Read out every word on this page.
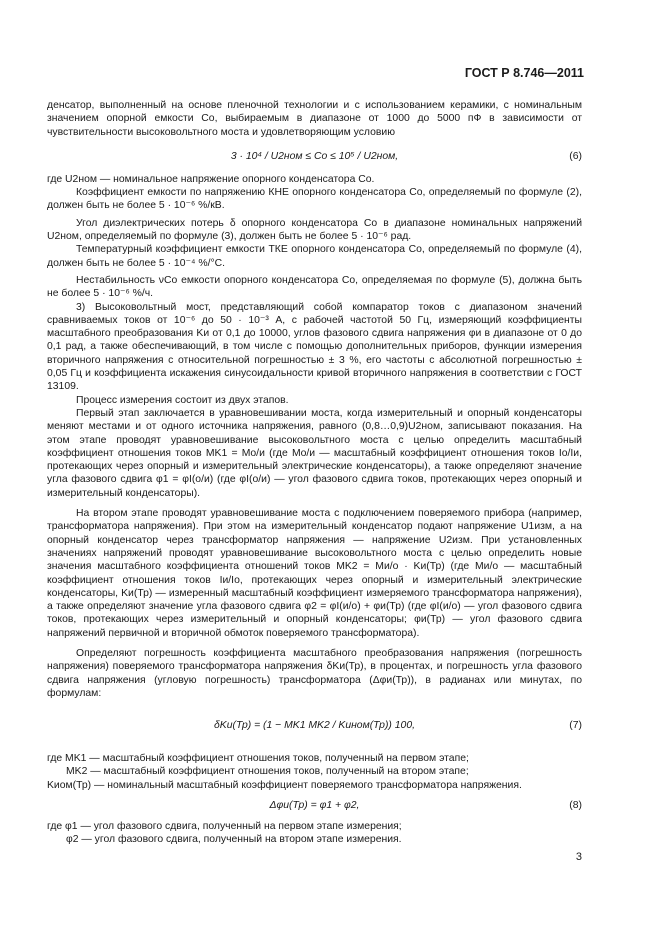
ГОСТ Р 8.746—2011

денсатор, выполненный на основе пленочной технологии и с использованием керамики, с номинальным значением опорной емкости Cо, выбираемым в диапазоне от 1000 до 5000 пФ в зависимости от чувствительности высоковольтного моста и удовлетворяющим условию

3 · 10⁴ / U2ном ≤ Cо ≤ 10⁵ / U2ном,	(6)

где U2ном — номинальное напряжение опорного конденсатора Cо.

Коэффициент емкости по напряжению КНЕ опорного конденсатора Cо, определяемый по формуле (2), должен быть не более 5 · 10⁻⁶ %/кВ.

Угол диэлектрических потерь δ опорного конденсатора Cо в диапазоне номинальных напряжений U2ном, определяемый по формуле (3), должен быть не более 5 · 10⁻⁶ рад.

Температурный коэффициент емкости ТКЕ опорного конденсатора Cо, определяемый по формуле (4), должен быть не более 5 · 10⁻⁴ %/°С.

Нестабильность νCо емкости опорного конденсатора Cо, определяемая по формуле (5), должна быть не более 5 · 10⁻⁶ %/ч.

3) Высоковольтный мост, представляющий собой компаратор токов с диапазоном значений сравниваемых токов от 10⁻⁶ до 50 · 10⁻³ А, с рабочей частотой 50 Гц, измеряющий коэффициенты масштабного преобразования Kи от 0,1 до 10000, углов фазового сдвига напряжения φи в диапазоне от 0 до 0,1 рад, а также обеспечивающий, в том числе с помощью дополнительных приборов, функции измерения вторичного напряжения с относительной погрешностью ± 3 %, его частоты с абсолютной погрешностью ± 0,05 Гц и коэффициента искажения синусоидальности кривой вторичного напряжения в соответствии с ГОСТ 13109.

Процесс измерения состоит из двух этапов.

Первый этап заключается в уравновешивании моста, когда измерительный и опорный конденсаторы меняют местами и от одного источника напряжения, равного (0,8…0,9)U2ном, записывают показания. На этом этапе проводят уравновешивание высоковольтного моста с целью определить масштабный коэффициент отношения токов MK1 = Mо/и (где Mо/и — масштабный коэффициент отношения токов Iо/Iи, протекающих через опорный и измерительный электрические конденсаторы), а также определяют значение угла фазового сдвига φ1 = φI(о/и) (где φI(о/и) — угол фазового сдвига токов, протекающих через опорный и измерительный конденсаторы).

На втором этапе проводят уравновешивание моста с подключением поверяемого прибора (например, трансформатора напряжения). При этом на измерительный конденсатор подают напряжение U1изм, а на опорный конденсатор через трансформатор напряжения — напряжение U2изм. При установленных значениях напряжений проводят уравновешивание высоковольтного моста с целью определить новые значения масштабного коэффициента отношений токов MK2 = Mи/о · Kи(Тр) (где Mи/о — масштабный коэффициент отношения токов Iи/Iо, протекающих через опорный и измерительный электрические конденсаторы, Kи(Тр) — измеренный масштабный коэффициент измеряемого трансформатора напряжения), а также определяют значение угла фазового сдвига φ2 = φI(и/о) + φи(Тр) (где φI(и/о) — угол фазового сдвига токов, протекающих через измерительный и опорный конденсаторы; φи(Тр) — угол фазового сдвига напряжений первичной и вторичной обмоток поверяемого трансформатора).

Определяют погрешность коэффициента масштабного преобразования напряжения (погрешность напряжения) поверяемого трансформатора напряжения δKи(Тр), в процентах, и погрешность угла фазового сдвига напряжения (угловую погрешность) трансформатора (Δφи(Тр)), в радианах или минутах, по формулам:

δKи(Тр) = (1 − MK1 MK2 / Kином(Тр)) 100,	(7)

где MK1 — масштабный коэффициент отношения токов, полученный на первом этапе;

MK2 — масштабный коэффициент отношения токов, полученный на втором этапе;

Kиом(Тр) — номинальный масштабный коэффициент поверяемого трансформатора напряжения.

Δφи(Тр) = φ1 + φ2,	(8)

где φ1 — угол фазового сдвига, полученный на первом этапе измерения;

φ2 — угол фазового сдвига, полученный на втором этапе измерения.

3
